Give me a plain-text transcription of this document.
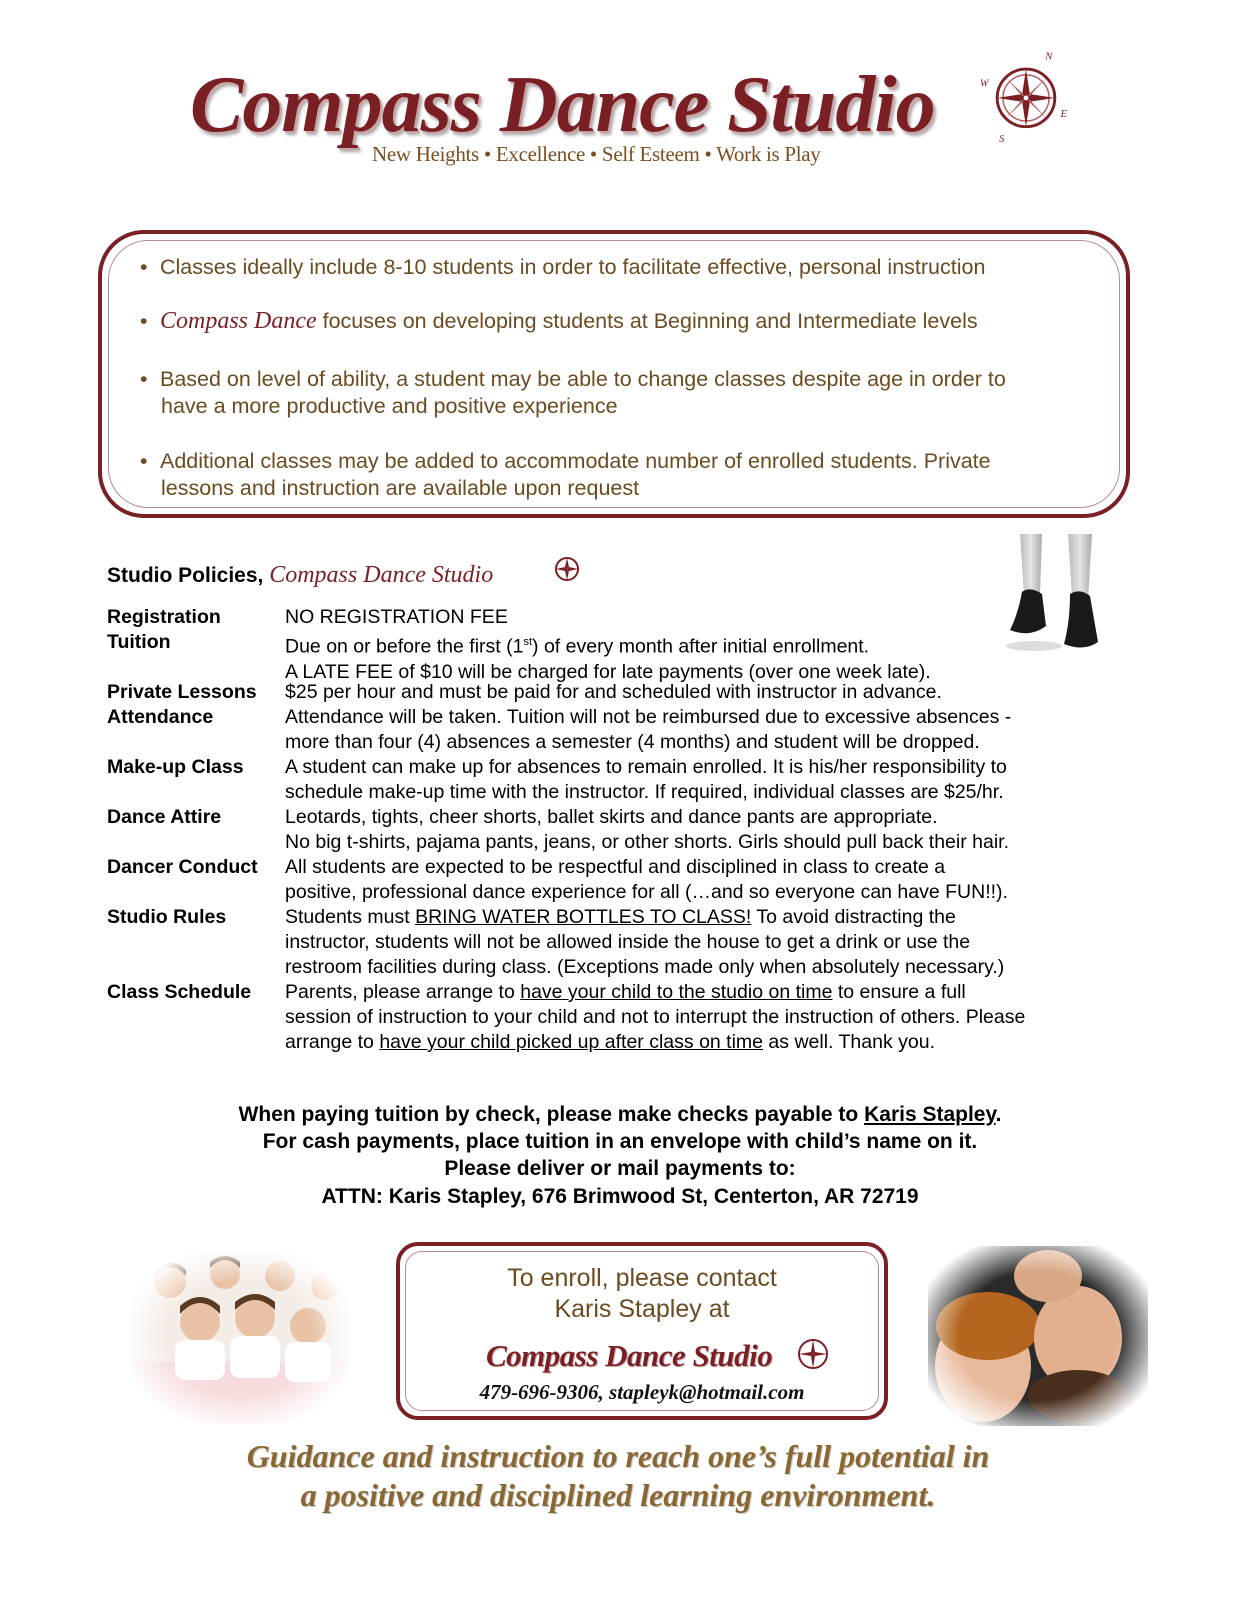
Compass Dance Studio
New Heights • Excellence • Self Esteem • Work is Play
N
E
S
W
• Classes ideally include 8-10 students in order to facilitate effective, personal instruction
• Compass Dance focuses on developing students at Beginning and Intermediate levels
• Based on level of ability, a student may be able to change classes despite age in order to
have a more productive and positive experience
• Additional classes may be added to accommodate number of enrolled students. Private
lessons and instruction are available upon request
Studio Policies, Compass Dance Studio
Registration	NO REGISTRATION FEE
Tuition	Due on or before the first (1st) of every month after initial enrollment.
A LATE FEE of $10 will be charged for late payments (over one week late).
Private Lessons	$25 per hour and must be paid for and scheduled with instructor in advance.
Attendance	Attendance will be taken. Tuition will not be reimbursed due to excessive absences -
more than four (4) absences a semester (4 months) and student will be dropped.
Make-up Class	A student can make up for absences to remain enrolled. It is his/her responsibility to
schedule make-up time with the instructor. If required, individual classes are $25/hr.
Dance Attire	Leotards, tights, cheer shorts, ballet skirts and dance pants are appropriate.
No big t-shirts, pajama pants, jeans, or other shorts. Girls should pull back their hair.
Dancer Conduct	All students are expected to be respectful and disciplined in class to create a
positive, professional dance experience for all (…and so everyone can have FUN!!).
Studio Rules	Students must BRING WATER BOTTLES TO CLASS! To avoid distracting the
instructor, students will not be allowed inside the house to get a drink or use the
restroom facilities during class. (Exceptions made only when absolutely necessary.)
Class Schedule	Parents, please arrange to have your child to the studio on time to ensure a full
session of instruction to your child and not to interrupt the instruction of others. Please
arrange to have your child picked up after class on time as well. Thank you.
When paying tuition by check, please make checks payable to Karis Stapley.
For cash payments, place tuition in an envelope with child’s name on it.
Please deliver or mail payments to:
ATTN: Karis Stapley, 676 Brimwood St, Centerton, AR 72719
To enroll, please contact
Karis Stapley at
Compass Dance Studio
479-696-9306, stapleyk@hotmail.com
Guidance and instruction to reach one’s full potential in
a positive and disciplined learning environment.
